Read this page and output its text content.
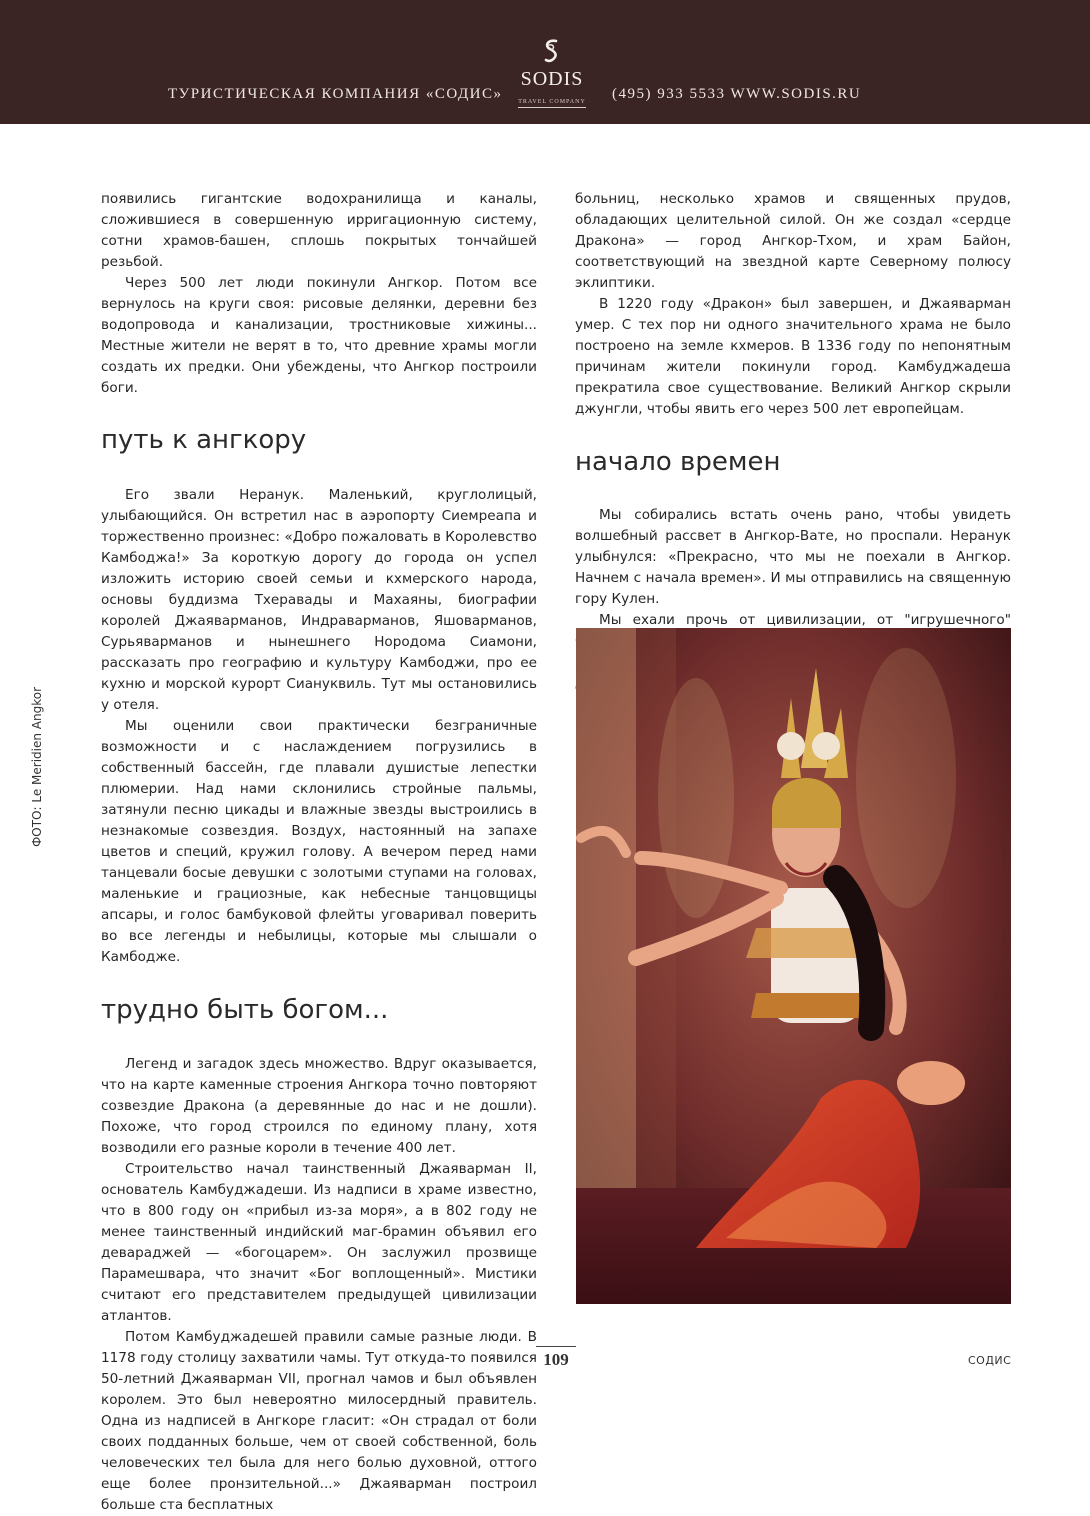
ТУРИСТИЧЕСКАЯ КОМПАНИЯ «СОДИС»
SODIS
TRAVEL COMPANY	(495) 933 5533 WWW.SODIS.RU

появились гигантские водохранилища и каналы, сложившиеся в совершенную ирригационную систему, сотни храмов-башен, сплошь покрытых тончайшей резьбой.

Через 500 лет люди покинули Ангкор. Потом все вернулось на круги своя: рисовые делянки, деревни без водопровода и канализации, тростниковые хижины... Местные жители не верят в то, что древние храмы могли создать их предки. Они убеждены, что Ангкор построили боги.

путь к ангкору

Его звали Неранук. Маленький, круглолицый, улыбающийся. Он встретил нас в аэропорту Сиемреапа и торжественно произнес: «Добро пожаловать в Королевство Камбоджа!» За короткую дорогу до города он успел изложить историю своей семьи и кхмерского народа, основы буддизма Тхеравады и Махаяны, биографии королей Джаяварманов, Индраварманов, Яшоварманов, Сурьяварманов и нынешнего Нородома Сиамони, рассказать про географию и культуру Камбоджи, про ее кухню и морской курорт Сиануквиль. Тут мы остановились у отеля.

Мы оценили свои практически безграничные возможности и с наслаждением погрузились в собственный бассейн, где плавали душистые лепестки плюмерии. Над нами склонились стройные пальмы, затянули песню цикады и влажные звезды выстроились в незнакомые созвездия. Воздух, настоянный на запахе цветов и специй, кружил голову. А вечером перед нами танцевали босые девушки с золотыми ступами на головах, маленькие и грациозные, как небесные танцовщицы апсары, и голос бамбуковой флейты уговаривал поверить во все легенды и небылицы, которые мы слышали о Камбодже.

трудно быть богом...

Легенд и загадок здесь множество. Вдруг оказывается, что на карте каменные строения Ангкора точно повторяют созвездие Дракона (а деревянные до нас и не дошли). Похоже, что город строился по единому плану, хотя возводили его разные короли в течение 400 лет.

Строительство начал таинственный Джаяварман II, основатель Камбуджадеши. Из надписи в храме известно, что в 800 году он «прибыл из-за моря», а в 802 году не менее таинственный индийский маг-брамин объявил его девараджей — «богоцарем». Он заслужил прозвище Парамешвара, что значит «Бог воплощенный». Мистики считают его представителем предыдущей цивилизации атлантов.

Потом Камбуджадешей правили самые разные люди. В 1178 году столицу захватили чамы. Тут откуда-то появился 50-летний Джаяварман VII, прогнал чамов и был объявлен королем. Это был невероятно милосердный правитель. Одна из надписей в Ангкоре гласит: «Он страдал от боли своих подданных больше, чем от своей собственной, боль человеческих тел была для него болью духовной, оттого еще более пронзительной...» Джаяварман построил больше ста бесплатных

больниц, несколько храмов и священных прудов, обладающих целительной силой. Он же создал «сердце Дракона» — город Ангкор-Тхом, и храм Байон, соответствующий на звездной карте Северному полюсу эклиптики.

В 1220 году «Дракон» был завершен, и Джаяварман умер. С тех пор ни одного значительного храма не было построено на земле кхмеров. В 1336 году по непонятным причинам жители покинули город. Камбуджадеша прекратила свое существование. Великий Ангкор скрыли джунгли, чтобы явить его через 500 лет европейцам.

начало времен

Мы собирались встать очень рано, чтобы увидеть волшебный рассвет в Ангкор-Вате, но проспали. Неранук улыбнулся: «Прекрасно, что мы не поехали в Ангкор. Начнем с начала времен». И мы отправились на священную гору Кулен.

Мы ехали прочь от цивилизации, от "игрушечного"

ФОТО: Le Meridien Angkor
109	СОДИС
